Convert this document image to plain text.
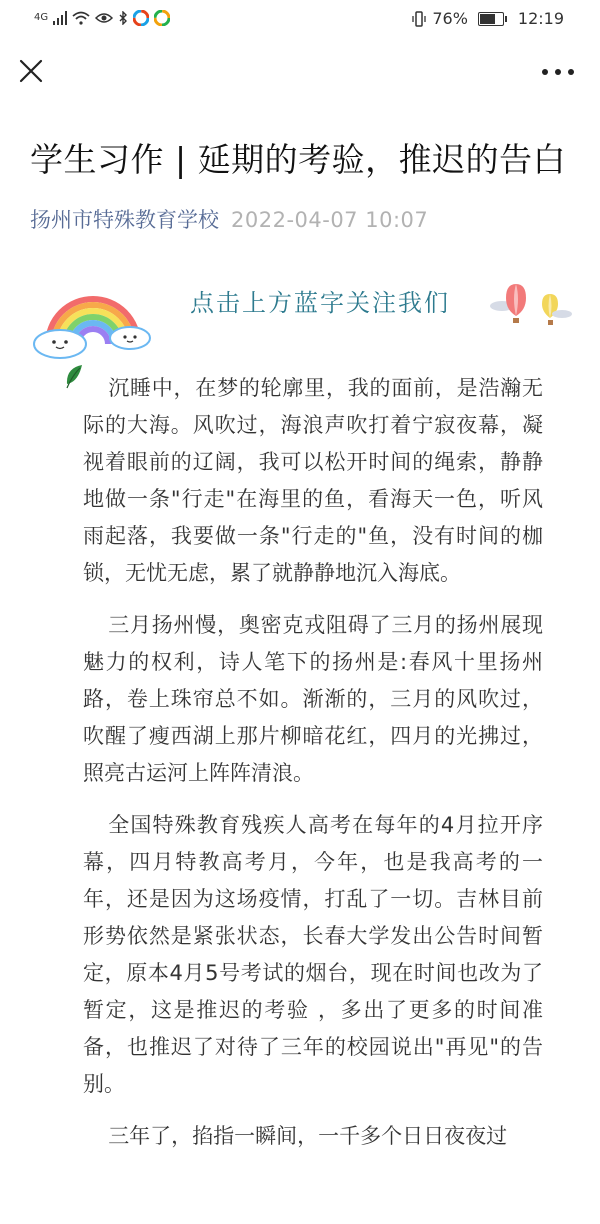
4G	76%	12:19
学生习作 | 延期的考验，推迟的告白
扬州市特殊教育学校 2022-04-07 10:07
点击上方蓝字关注我们

沉睡中，在梦的轮廓里，我的面前，是浩瀚无际的大海。风吹过，海浪声吹打着宁寂夜幕，凝视着眼前的辽阔，我可以松开时间的绳索，静静地做一条"行走"在海里的鱼，看海天一色，听风雨起落，我要做一条"行走的"鱼，没有时间的枷锁，无忧无虑，累了就静静地沉入海底。

三月扬州慢，奥密克戎阻碍了三月的扬州展现魅力的权利，诗人笔下的扬州是:春风十里扬州路，卷上珠帘总不如。渐渐的，三月的风吹过，吹醒了瘦西湖上那片柳暗花红，四月的光拂过，照亮古运河上阵阵清浪。

全国特殊教育残疾人高考在每年的4月拉开序幕，四月特教高考月，今年，也是我高考的一年，还是因为这场疫情，打乱了一切。吉林目前形势依然是紧张状态，长春大学发出公告时间暂定，原本4月5号考试的烟台，现在时间也改为了暂定，这是推迟的考验 ，多出了更多的时间准备，也推迟了对待了三年的校园说出"再见"的告别。

三年了，掐指一瞬间，一千多个日日夜夜过
